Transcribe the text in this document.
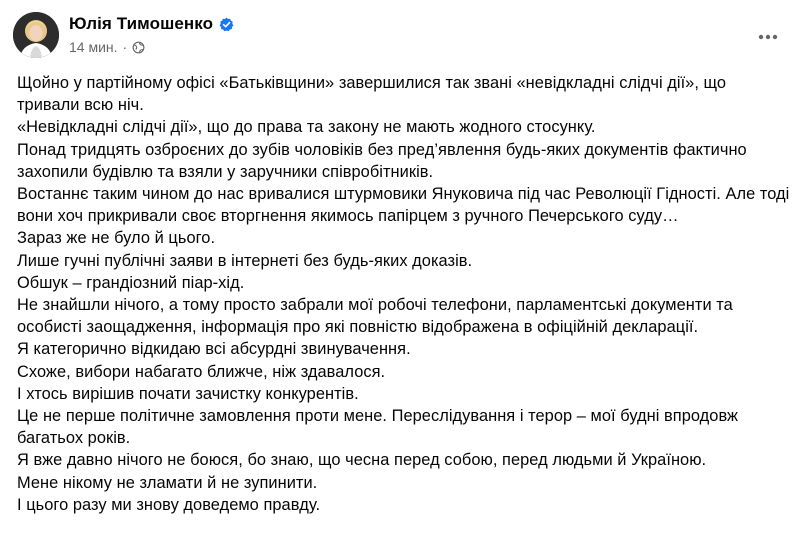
Юлія Тимошенко
14 мин. ·

Щойно у партійному офісі «Батьківщини» завершилися так звані «невідкладні слідчі дії», що тривали всю ніч.

«Невідкладні слідчі дії», що до права та закону не мають жодного стосунку.

Понад тридцять озброєних до зубів чоловіків без пред’явлення будь-яких документів фактично захопили будівлю та взяли у заручники співробітників.

Востаннє таким чином до нас вривалися штурмовики Януковича під час Революції Гідності. Але тоді вони хоч прикривали своє вторгнення якимось папірцем з ручного Печерського суду…

Зараз же не було й цього.

Лише гучні публічні заяви в інтернеті без будь-яких доказів.

Обшук – грандіозний піар-хід.

Не знайшли нічого, а тому просто забрали мої робочі телефони, парламентські документи та особисті заощадження, інформація про які повністю відображена в офіційній декларації.

Я категорично відкидаю всі абсурдні звинувачення.

Схоже, вибори набагато ближче, ніж здавалося.

І хтось вирішив почати зачистку конкурентів.

Це не перше політичне замовлення проти мене. Переслідування і терор – мої будні впродовж багатьох років.

Я вже давно нічого не боюся, бо знаю, що чесна перед собою, перед людьми й Україною.

Мене нікому не зламати й не зупинити.

І цього разу ми знову доведемо правду.
